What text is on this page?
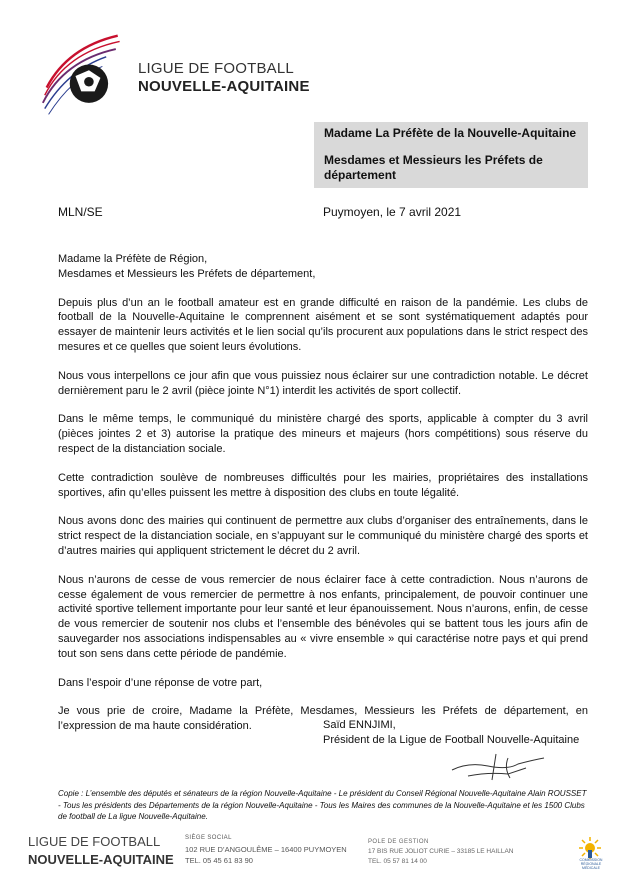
LIGUE DE FOOTBALL
NOUVELLE-AQUITAINE
Madame La Préfète de la Nouvelle-Aquitaine
Mesdames et Messieurs les Préfets de département
MLN/SE	Puymoyen, le 7 avril 2021

Madame la Préfète de Région,
Mesdames et Messieurs les Préfets de département,

Depuis plus d’un an le football amateur est en grande difficulté en raison de la pandémie. Les clubs de football de la Nouvelle-Aquitaine le comprennent aisément et se sont systématiquement adaptés pour essayer de maintenir leurs activités et le lien social qu’ils procurent aux populations dans le strict respect des mesures et ce quelles que soient leurs évolutions.

Nous vous interpellons ce jour afin que vous puissiez nous éclairer sur une contradiction notable. Le décret dernièrement paru le 2 avril (pièce jointe N°1) interdit les activités de sport collectif.

Dans le même temps, le communiqué du ministère chargé des sports, applicable à compter du 3 avril (pièces jointes 2 et 3) autorise la pratique des mineurs et majeurs (hors compétitions) sous réserve du respect de la distanciation sociale.

Cette contradiction soulève de nombreuses difficultés pour les mairies, propriétaires des installations sportives, afin qu’elles puissent les mettre à disposition des clubs en toute légalité.

Nous avons donc des mairies qui continuent de permettre aux clubs d’organiser des entraînements, dans le strict respect de la distanciation sociale, en s’appuyant sur le communiqué du ministère chargé des sports et d’autres mairies qui appliquent strictement le décret du 2 avril.

Nous n’aurons de cesse de vous remercier de nous éclairer face à cette contradiction. Nous n’aurons de cesse également de vous remercier de permettre à nos enfants, principalement, de pouvoir continuer une activité sportive tellement importante pour leur santé et leur épanouissement. Nous n’aurons, enfin, de cesse de vous remercier de soutenir nos clubs et l’ensemble des bénévoles qui se battent tous les jours afin de sauvegarder nos associations indispensables au « vivre ensemble » qui caractérise notre pays et qui prend tout son sens dans cette période de pandémie.

Dans l’espoir d’une réponse de votre part,

Je vous prie de croire, Madame la Préfète, Mesdames, Messieurs les Préfets de département, en l’expression de ma haute considération.	Saïd ENNJIMI,
Président de la Ligue de Football Nouvelle-Aquitaine
Copie : L’ensemble des députés et sénateurs de la région Nouvelle-Aquitaine - Le président du Conseil Régional Nouvelle-Aquitaine Alain ROUSSET - Tous les présidents des Départements de la région Nouvelle-Aquitaine - Tous les Maires des communes de la Nouvelle-Aquitaine et les 1500 Clubs de football de La ligue Nouvelle-Aquitaine.
LIGUE DE FOOTBALL
NOUVELLE-AQUITAINE
SIÈGE SOCIAL
102 RUE D’ANGOULÊME – 16400 PUYMOYEN
TEL. 05 45 61 83 90
POLE DE GESTION
17 BIS RUE JOLIOT CURIE – 33185 LE HAILLAN
TEL. 05 57 81 14 00	COMMISSION RÉGIONALE MÉDICALE
